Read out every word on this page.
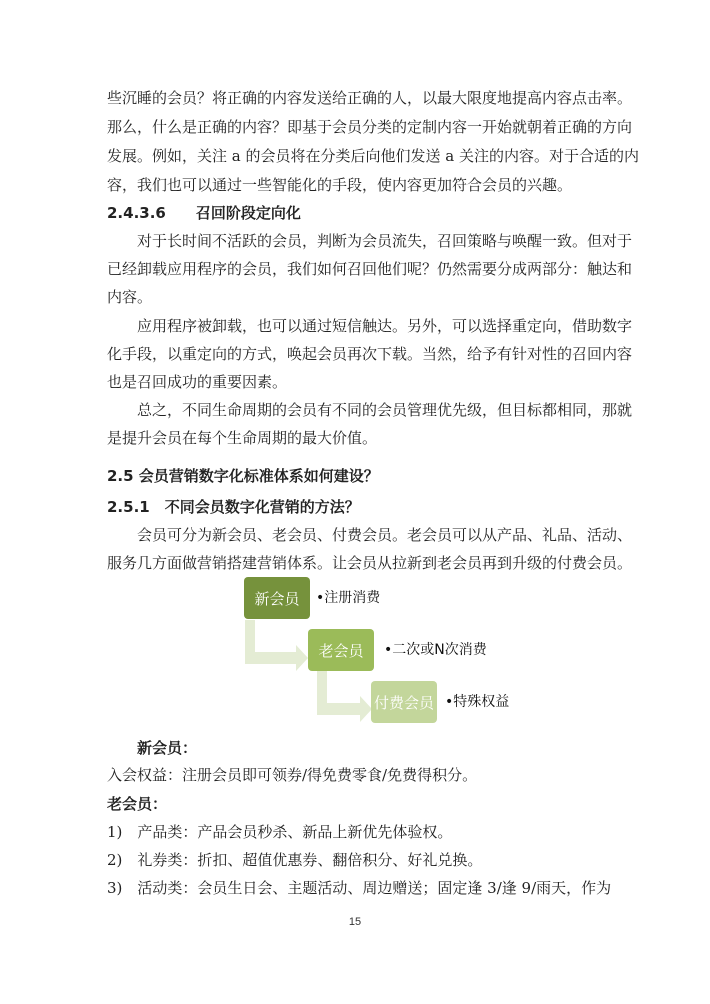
些沉睡的会员？将正确的内容发送给正确的人，以最大限度地提高内容点击率。
那么，什么是正确的内容？即基于会员分类的定制内容一开始就朝着正确的方向
发展。例如，关注 a 的会员将在分类后向他们发送 a 关注的内容。对于合适的内
容，我们也可以通过一些智能化的手段，使内容更加符合会员的兴趣。
2.4.3.6　　召回阶段定向化
对于长时间不活跃的会员，判断为会员流失，召回策略与唤醒一致。但对于
已经卸载应用程序的会员，我们如何召回他们呢？仍然需要分成两部分：触达和
内容。
应用程序被卸载，也可以通过短信触达。另外，可以选择重定向，借助数字
化手段，以重定向的方式，唤起会员再次下载。当然，给予有针对性的召回内容
也是召回成功的重要因素。
总之，不同生命周期的会员有不同的会员管理优先级，但目标都相同，那就
是提升会员在每个生命周期的最大价值。
2.5 会员营销数字化标准体系如何建设？
2.5.1　不同会员数字化营销的方法？
会员可分为新会员、老会员、付费会员。老会员可以从产品、礼品、活动、
服务几方面做营销搭建营销体系。让会员从拉新到老会员再到升级的付费会员。
新会员 •注册消费
老会员 •二次或N次消费
付费会员 •特殊权益
新会员：
入会权益：注册会员即可领券/得免费零食/免费得积分。
老会员：
1)　产品类：产品会员秒杀、新品上新优先体验权。
2)　礼券类：折扣、超值优惠券、翻倍积分、好礼兑换。
3)　活动类：会员生日会、主题活动、周边赠送；固定逢 3/逢 9/雨天，作为
15
